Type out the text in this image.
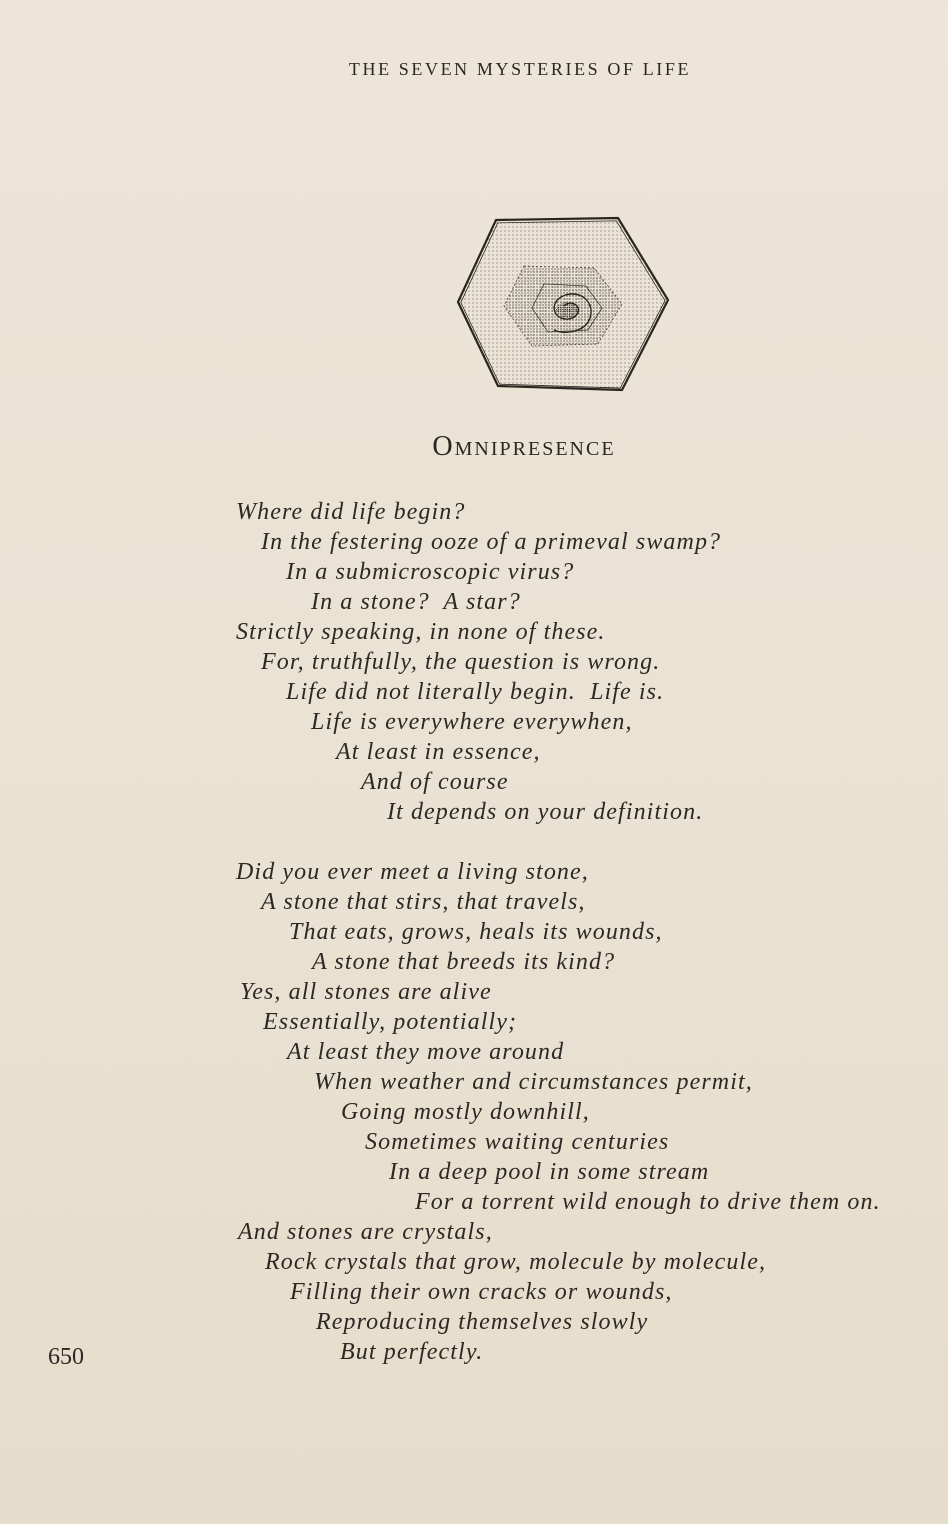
THE SEVEN MYSTERIES OF LIFE
Omnipresence
Where did life begin?
In the festering ooze of a primeval swamp?
In a submicroscopic virus?
In a stone?  A star?
Strictly speaking, in none of these.
For, truthfully, the question is wrong.
Life did not literally begin.  Life is.
Life is everywhere everywhen,
At least in essence,
And of course
It depends on your definition.
Did you ever meet a living stone,
A stone that stirs, that travels,
That eats, grows, heals its wounds,
A stone that breeds its kind?
Yes, all stones are alive
Essentially, potentially;
At least they move around
When weather and circumstances permit,
Going mostly downhill,
Sometimes waiting centuries
In a deep pool in some stream
For a torrent wild enough to drive them on.
And stones are crystals,
Rock crystals that grow, molecule by molecule,
Filling their own cracks or wounds,
Reproducing themselves slowly
But perfectly.
650
